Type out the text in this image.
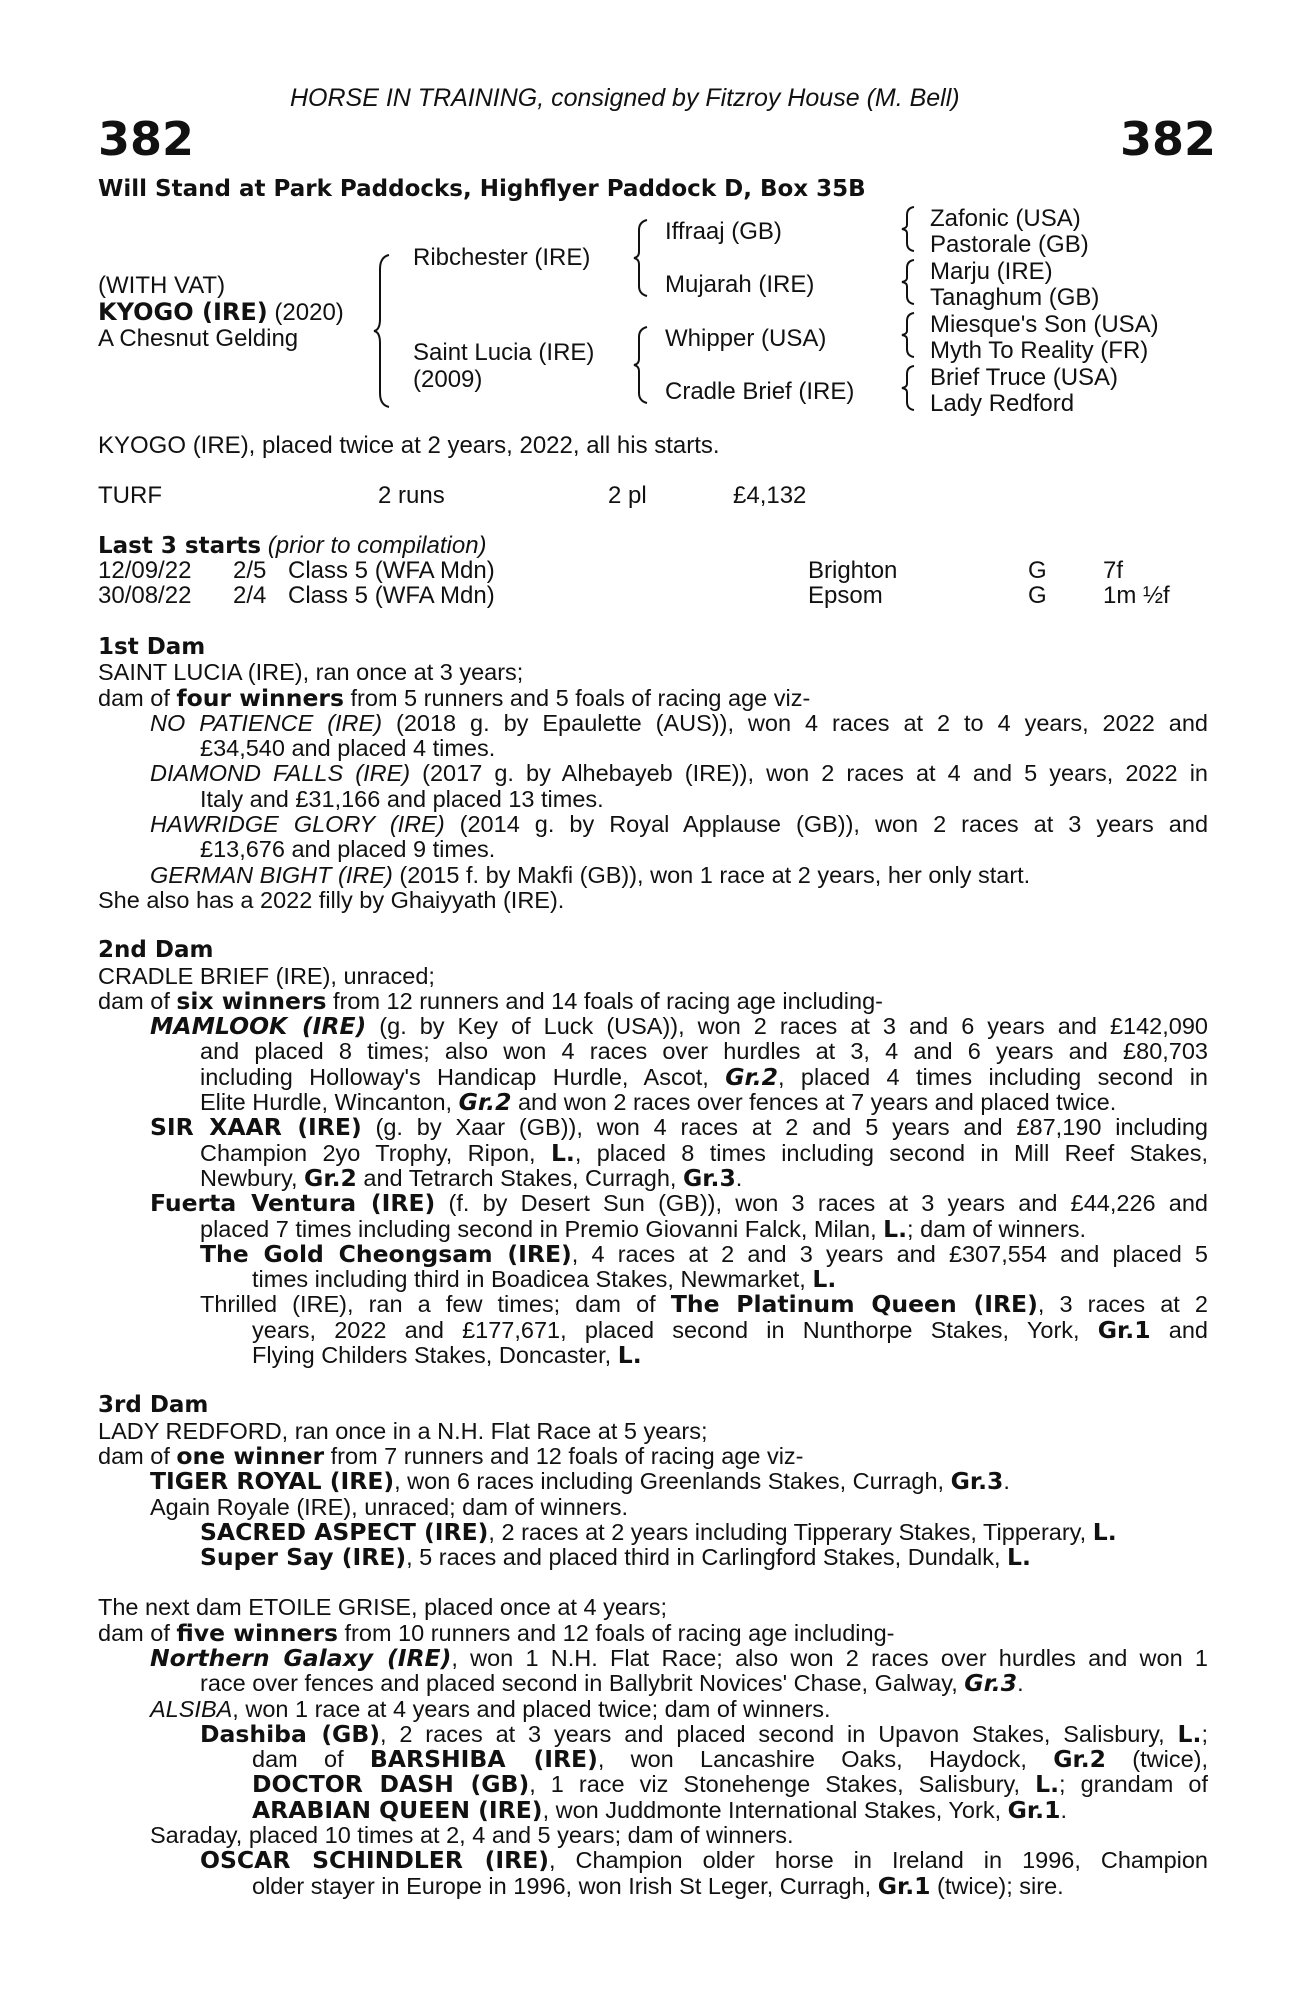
HORSE IN TRAINING, consigned by Fitzroy House (M. Bell)
382	382
Will Stand at Park Paddocks, Highflyer Paddock D, Box 35B
(WITH VAT)
KYOGO (IRE) (2020)
A Chesnut Gelding
Ribchester (IRE)
Saint Lucia (IRE)
(2009)
Iffraaj (GB)
Mujarah (IRE)
Whipper (USA)
Cradle Brief (IRE)
Zafonic (USA)
Pastorale (GB)
Marju (IRE)
Tanaghum (GB)
Miesque's Son (USA)
Myth To Reality (FR)
Brief Truce (USA)
Lady Redford
KYOGO (IRE), placed twice at 2 years, 2022, all his starts.
TURF	2 runs	2 pl	£4,132
Last 3 starts (prior to compilation)
12/09/22 2/5 Class 5 (WFA Mdn)	Brighton	G 7f
30/08/22 2/4 Class 5 (WFA Mdn)	Epsom	G 1m ½f
1st Dam
SAINT LUCIA (IRE), ran once at 3 years;
dam of four winners from 5 runners and 5 foals of racing age viz-
NO PATIENCE (IRE) (2018 g. by Epaulette (AUS)), won 4 races at 2 to 4 years, 2022 and
£34,540 and placed 4 times.
DIAMOND FALLS (IRE) (2017 g. by Alhebayeb (IRE)), won 2 races at 4 and 5 years, 2022 in
Italy and £31,166 and placed 13 times.
HAWRIDGE GLORY (IRE) (2014 g. by Royal Applause (GB)), won 2 races at 3 years and
£13,676 and placed 9 times.
GERMAN BIGHT (IRE) (2015 f. by Makfi (GB)), won 1 race at 2 years, her only start.
She also has a 2022 filly by Ghaiyyath (IRE).
2nd Dam
CRADLE BRIEF (IRE), unraced;
dam of six winners from 12 runners and 14 foals of racing age including-
MAMLOOK (IRE) (g. by Key of Luck (USA)), won 2 races at 3 and 6 years and £142,090
and placed 8 times; also won 4 races over hurdles at 3, 4 and 6 years and £80,703
including Holloway's Handicap Hurdle, Ascot, Gr.2, placed 4 times including second in
Elite Hurdle, Wincanton, Gr.2 and won 2 races over fences at 7 years and placed twice.
SIR XAAR (IRE) (g. by Xaar (GB)), won 4 races at 2 and 5 years and £87,190 including
Champion 2yo Trophy, Ripon, L., placed 8 times including second in Mill Reef Stakes,
Newbury, Gr.2 and Tetrarch Stakes, Curragh, Gr.3.
Fuerta Ventura (IRE) (f. by Desert Sun (GB)), won 3 races at 3 years and £44,226 and
placed 7 times including second in Premio Giovanni Falck, Milan, L.; dam of winners.
The Gold Cheongsam (IRE), 4 races at 2 and 3 years and £307,554 and placed 5
times including third in Boadicea Stakes, Newmarket, L.
Thrilled (IRE), ran a few times; dam of The Platinum Queen (IRE), 3 races at 2
years, 2022 and £177,671, placed second in Nunthorpe Stakes, York, Gr.1 and
Flying Childers Stakes, Doncaster, L.
3rd Dam
LADY REDFORD, ran once in a N.H. Flat Race at 5 years;
dam of one winner from 7 runners and 12 foals of racing age viz-
TIGER ROYAL (IRE), won 6 races including Greenlands Stakes, Curragh, Gr.3.
Again Royale (IRE), unraced; dam of winners.
SACRED ASPECT (IRE), 2 races at 2 years including Tipperary Stakes, Tipperary, L.
Super Say (IRE), 5 races and placed third in Carlingford Stakes, Dundalk, L.
The next dam ETOILE GRISE, placed once at 4 years;
dam of five winners from 10 runners and 12 foals of racing age including-
Northern Galaxy (IRE), won 1 N.H. Flat Race; also won 2 races over hurdles and won 1
race over fences and placed second in Ballybrit Novices' Chase, Galway, Gr.3.
ALSIBA, won 1 race at 4 years and placed twice; dam of winners.
Dashiba (GB), 2 races at 3 years and placed second in Upavon Stakes, Salisbury, L.;
dam of BARSHIBA (IRE), won Lancashire Oaks, Haydock, Gr.2 (twice),
DOCTOR DASH (GB), 1 race viz Stonehenge Stakes, Salisbury, L.; grandam of
ARABIAN QUEEN (IRE), won Juddmonte International Stakes, York, Gr.1.
Saraday, placed 10 times at 2, 4 and 5 years; dam of winners.
OSCAR SCHINDLER (IRE), Champion older horse in Ireland in 1996, Champion
older stayer in Europe in 1996, won Irish St Leger, Curragh, Gr.1 (twice); sire.
